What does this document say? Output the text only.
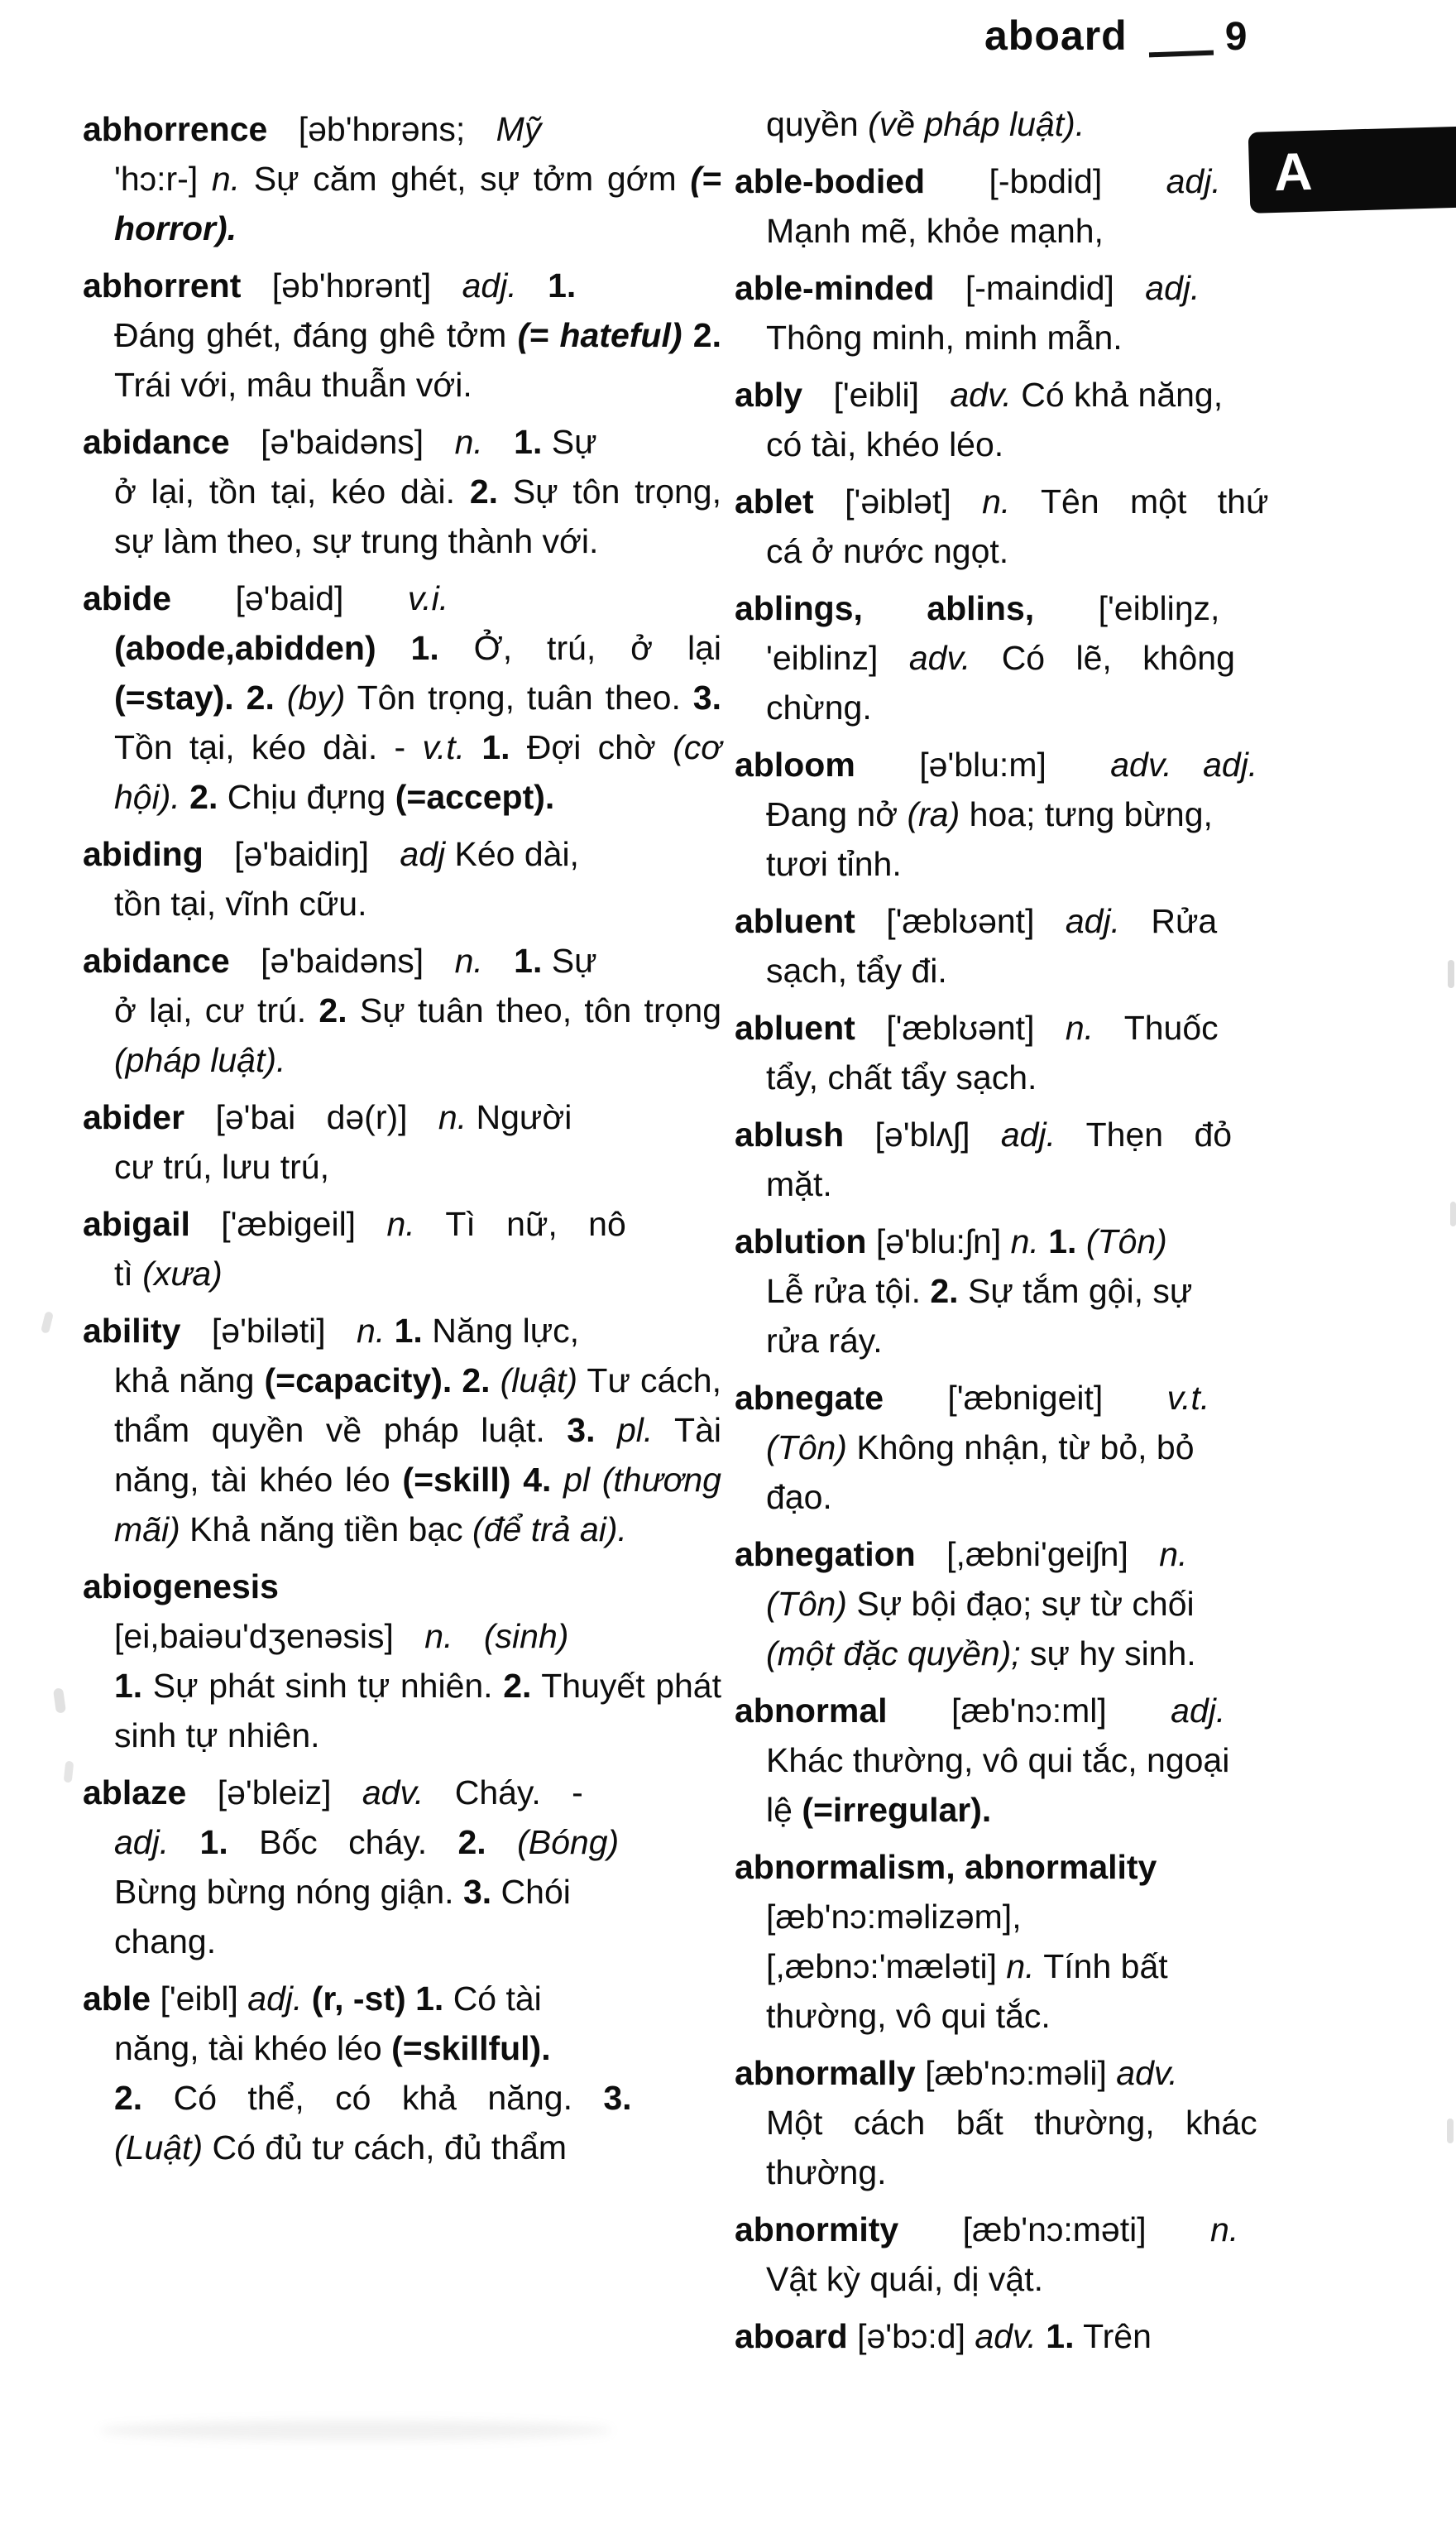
aboard 9
A

abhorrence [əb'hɒrəns; Mỹ
'hɔ:r-] n. Sự căm ghét, sự tởm gớm (= horror).

abhorrent [əb'hɒrənt] adj. 1.
Đáng ghét, đáng ghê tởm (= hateful) 2. Trái với, mâu thuẫn với.

abidance [ə'baidəns] n. 1. Sự
ở lại, tồn tại, kéo dài. 2. Sự tôn trọng, sự làm theo, sự trung thành với.

abide [ə'baid] v.i.
(abode,abidden) 1. Ở, trú, ở lại (=stay). 2. (by) Tôn trọng, tuân theo. 3. Tồn tại, kéo dài. - v.t. 1. Đợi chờ (cơ hội). 2. Chịu đựng (=accept).

abiding [ə'baidiŋ] adj Kéo dài,
tồn tại, vĩnh cữu.

abidance [ə'baidəns] n. 1. Sự
ở lại, cư trú. 2. Sự tuân theo, tôn trọng (pháp luật).

abider [ə'bai də(r)] n. Người
cư trú, lưu trú,

abigail ['æbigeil] n. Tì nữ, nô
tì (xưa)

ability [ə'biləti] n. 1. Năng lực,
khả năng (=capacity). 2. (luật) Tư cách, thẩm quyền về pháp luật. 3. pl. Tài năng, tài khéo léo (=skill) 4. pl (thương mãi) Khả năng tiền bạc (để trả ai).

abiogenesis
[ei,baiəu'dʒenəsis] n. (sinh)
1. Sự phát sinh tự nhiên. 2. Thuyết phát sinh tự nhiên.

ablaze [ə'bleiz] adv. Cháy. -
adj. 1. Bốc cháy. 2. (Bóng)
Bừng bừng nóng giận. 3. Chói
chang.

able ['eibl] adj. (r, -st) 1. Có tài
năng, tài khéo léo (=skillful).
2. Có thể, có khả năng. 3.
(Luật) Có đủ tư cách, đủ thẩm

quyền (về pháp luật).

able-bodied [-bɒdid] adj.
Mạnh mẽ, khỏe mạnh,

able-minded [-maindid] adj.
Thông minh, minh mẫn.

ably ['eibli] adv. Có khả năng,
có tài, khéo léo.

ablet ['əiblət] n. Tên một thứ
cá ở nước ngọt.

ablings, ablins, ['eibliŋz,
'eiblinz] adv. Có lẽ, không
chừng.

abloom [ə'blu:m] adv. adj.
Đang nở (ra) hoa; tưng bừng,
tươi tỉnh.

abluent ['æblʊənt] adj. Rửa
sạch, tẩy đi.

abluent ['æblʊənt] n. Thuốc
tẩy, chất tẩy sạch.

ablush [ə'blʌʃ] adj. Thẹn đỏ
mặt.

ablution [ə'blu:ʃn] n. 1. (Tôn)
Lễ rửa tội. 2. Sự tắm gội, sự
rửa ráy.

abnegate ['æbnigeit] v.t.
(Tôn) Không nhận, từ bỏ, bỏ
đạo.

abnegation [,æbni'geiʃn] n.
(Tôn) Sự bội đạo; sự từ chối
(một đặc quyền); sự hy sinh.

abnormal [æb'nɔ:ml] adj.
Khác thường, vô qui tắc, ngoại
lệ (=irregular).

abnormalism, abnormality
[æb'nɔ:məlizəm],
[,æbnɔ:'mæləti] n. Tính bất
thường, vô qui tắc.

abnormally [æb'nɔ:məli] adv.
Một cách bất thường, khác
thường.

abnormity [æb'nɔ:məti] n.
Vật kỳ quái, dị vật.

aboard [ə'bɔ:d] adv. 1. Trên
